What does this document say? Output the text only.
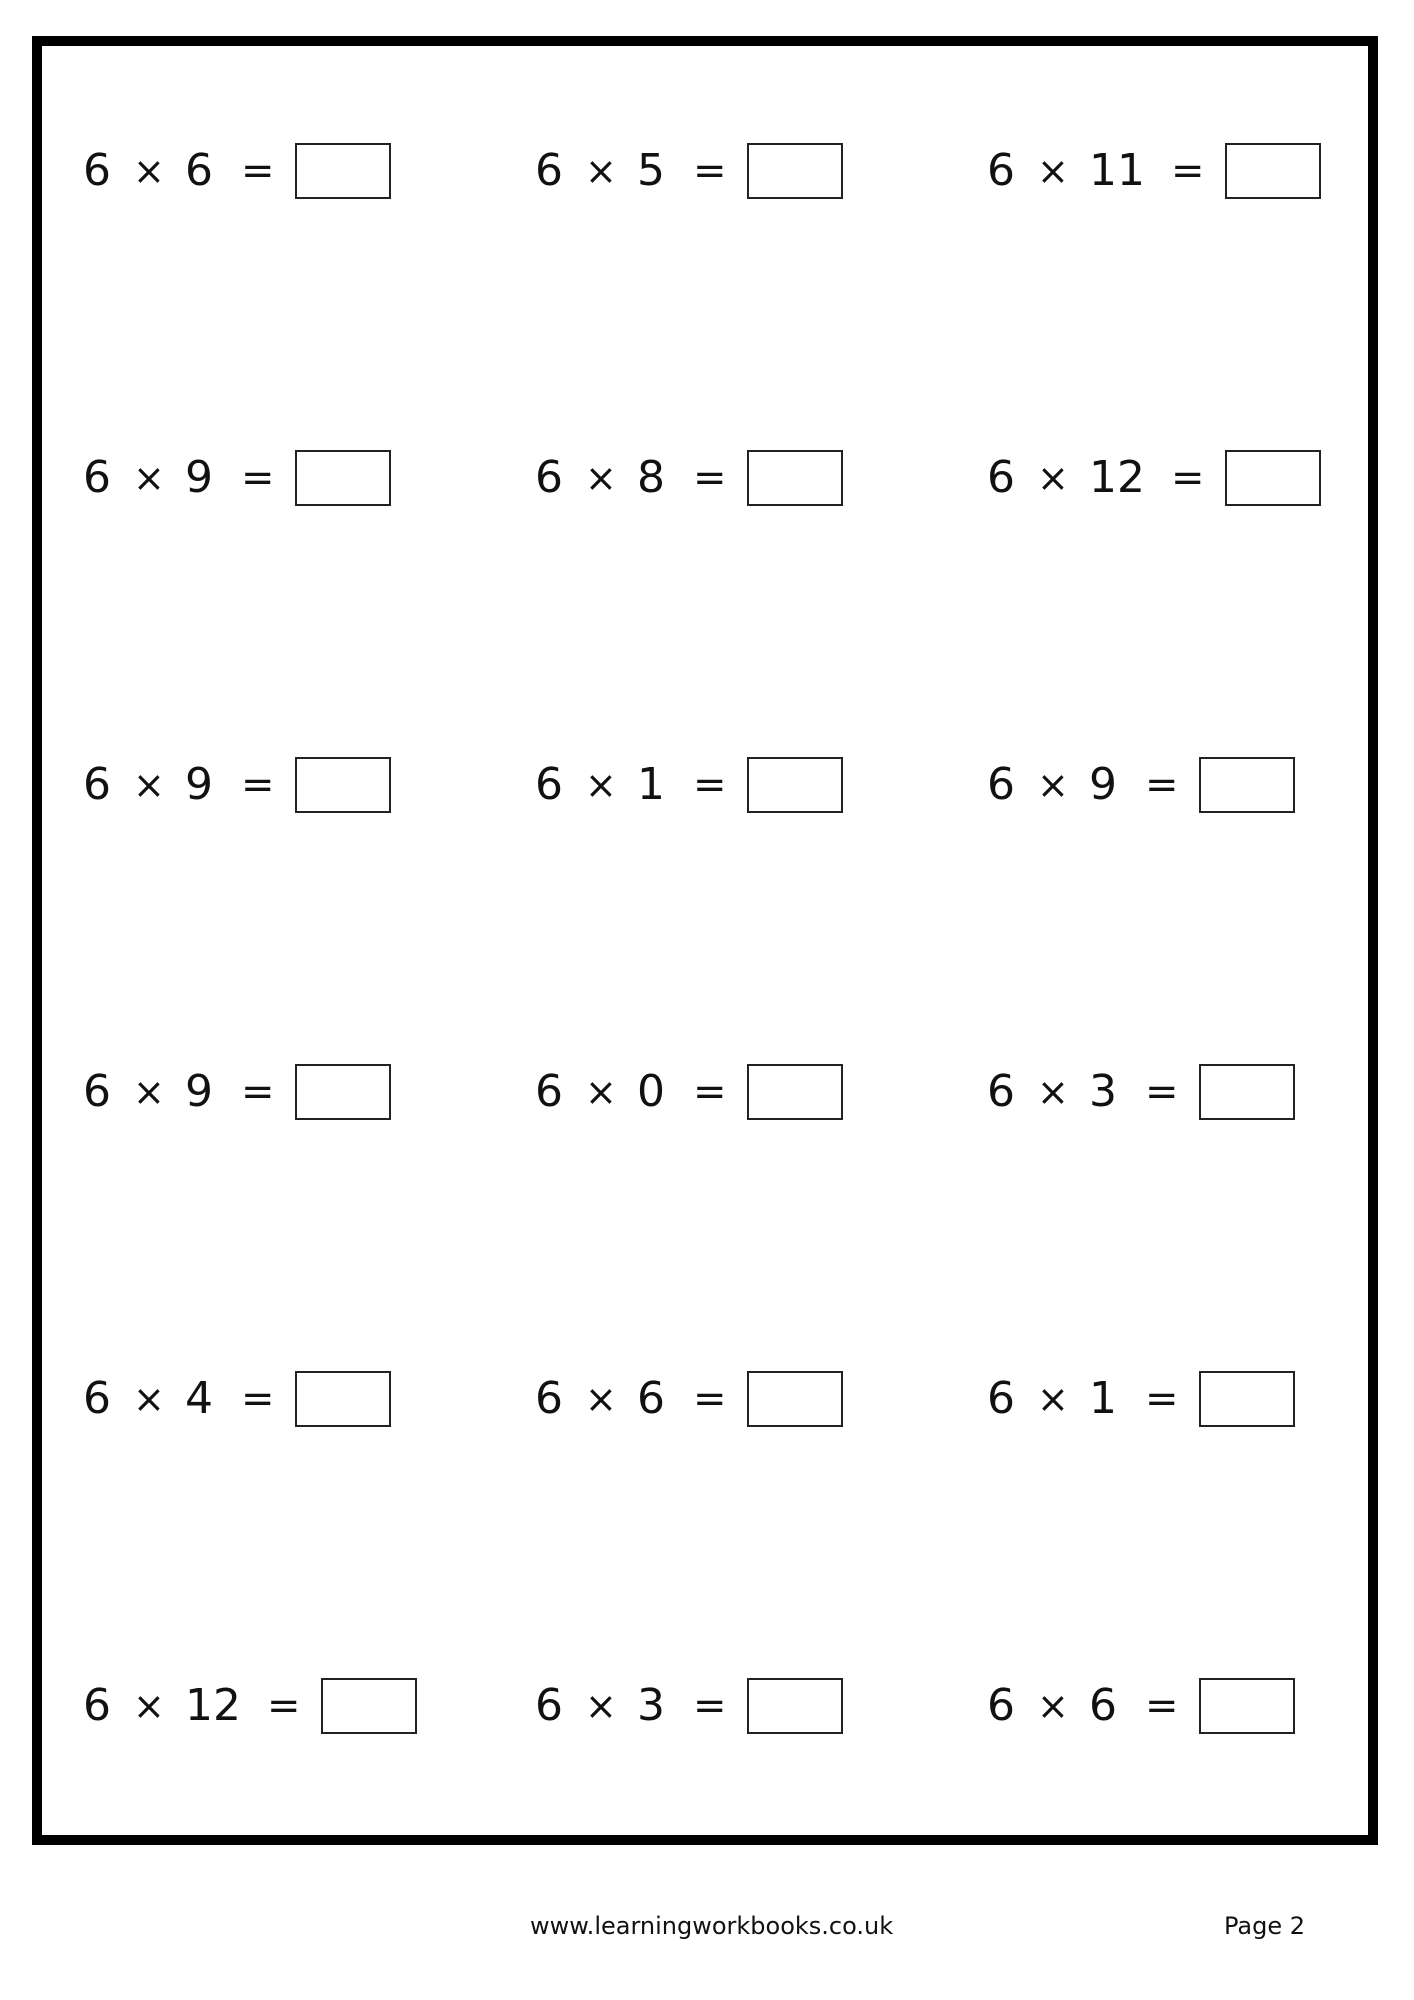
6 × 6 =	6 × 5 =	6 × 11 =
6 × 9 =	6 × 8 =	6 × 12 =
6 × 9 =	6 × 1 =	6 × 9 =
6 × 9 =	6 × 0 =	6 × 3 =
6 × 4 =	6 × 6 =	6 × 1 =
6 × 12 =	6 × 3 =	6 × 6 =
www.learningworkbooks.co.uk	Page 2
